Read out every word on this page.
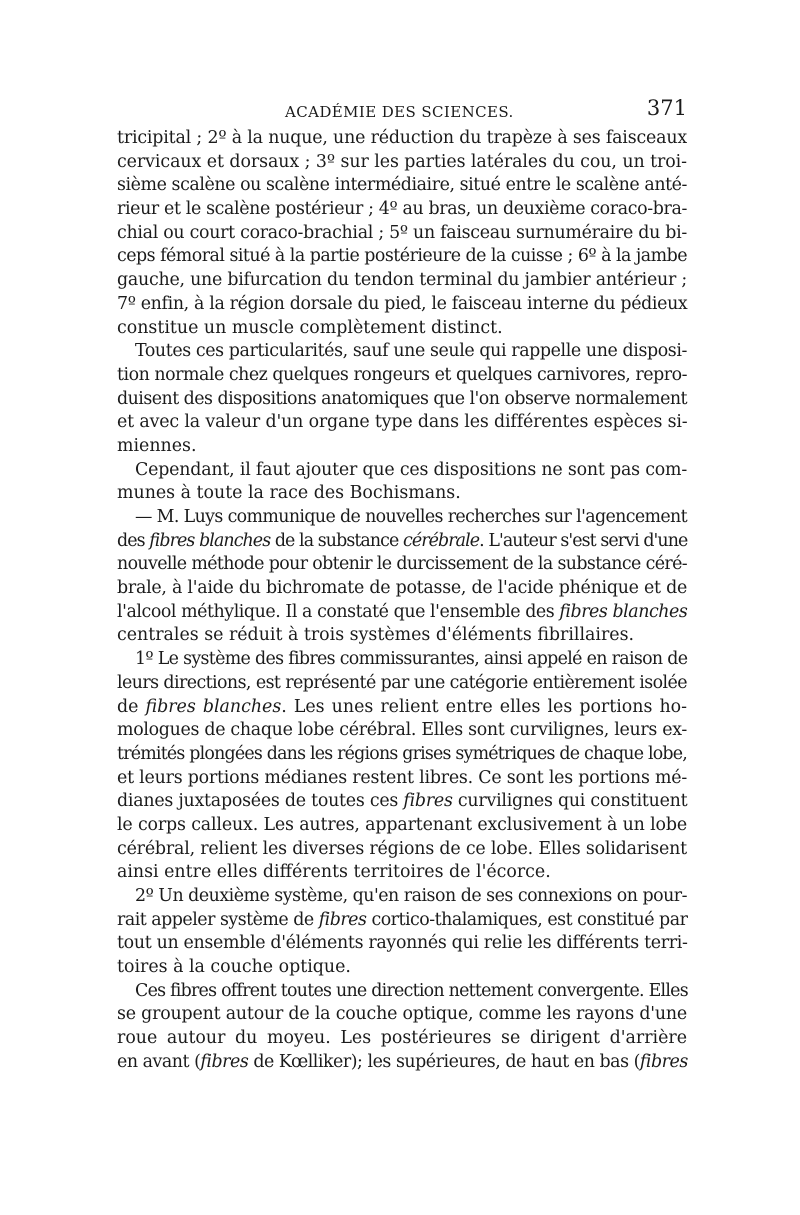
ACADÉMIE DES SCIENCES.	371
tricipital ; 2º à la nuque, une réduction du trapèze à ses faisceaux
cervicaux et dorsaux ; 3º sur les parties latérales du cou, un troi-
sième scalène ou scalène intermédiaire, situé entre le scalène anté-
rieur et le scalène postérieur ; 4º au bras, un deuxième coraco-bra-
chial ou court coraco-brachial ; 5º un faisceau surnuméraire du bi-
ceps fémoral situé à la partie postérieure de la cuisse ; 6º à la jambe
gauche, une bifurcation du tendon terminal du jambier antérieur ;
7º enfin, à la région dorsale du pied, le faisceau interne du pédieux
constitue un muscle complètement distinct.
Toutes ces particularités, sauf une seule qui rappelle une disposi-
tion normale chez quelques rongeurs et quelques carnivores, repro-
duisent des dispositions anatomiques que l'on observe normalement
et avec la valeur d'un organe type dans les différentes espèces si-
miennes.
Cependant, il faut ajouter que ces dispositions ne sont pas com-
munes à toute la race des Bochismans.
— M. Luys communique de nouvelles recherches sur l'agencement
des fibres blanches de la substance cérébrale. L'auteur s'est servi d'une
nouvelle méthode pour obtenir le durcissement de la substance céré-
brale, à l'aide du bichromate de potasse, de l'acide phénique et de
l'alcool méthylique. Il a constaté que l'ensemble des fibres blanches
centrales se réduit à trois systèmes d'éléments fibrillaires.
1º Le système des fibres commissurantes, ainsi appelé en raison de
leurs directions, est représenté par une catégorie entièrement isolée
de fibres blanches. Les unes relient entre elles les portions ho-
mologues de chaque lobe cérébral. Elles sont curvilignes, leurs ex-
trémités plongées dans les régions grises symétriques de chaque lobe,
et leurs portions médianes restent libres. Ce sont les portions mé-
dianes juxtaposées de toutes ces fibres curvilignes qui constituent
le corps calleux. Les autres, appartenant exclusivement à un lobe
cérébral, relient les diverses régions de ce lobe. Elles solidarisent
ainsi entre elles différents territoires de l'écorce.
2º Un deuxième système, qu'en raison de ses connexions on pour-
rait appeler système de fibres cortico-thalamiques, est constitué par
tout un ensemble d'éléments rayonnés qui relie les différents terri-
toires à la couche optique.
Ces fibres offrent toutes une direction nettement convergente. Elles
se groupent autour de la couche optique, comme les rayons d'une
roue autour du moyeu. Les postérieures se dirigent d'arrière
en avant (fibres de Kœlliker); les supérieures, de haut en bas (fibres
